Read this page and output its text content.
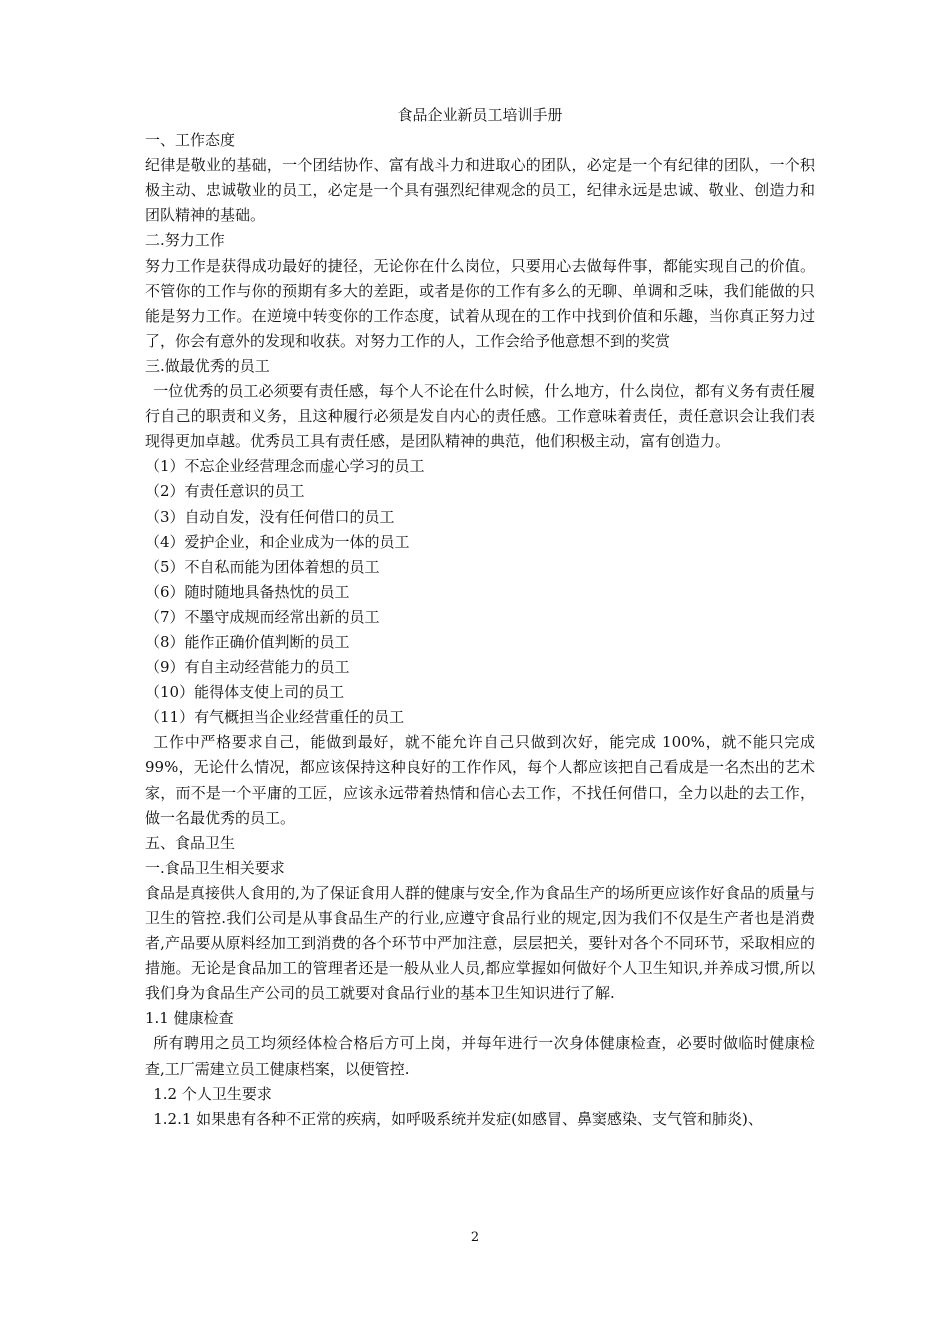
食品企业新员工培训手册

一、工作态度

纪律是敬业的基础，一个团结协作、富有战斗力和进取心的团队，必定是一个有纪律的团队，一个积极主动、忠诚敬业的员工，必定是一个具有强烈纪律观念的员工，纪律永远是忠诚、敬业、创造力和团队精神的基础。

二.努力工作

努力工作是获得成功最好的捷径，无论你在什么岗位，只要用心去做每件事，都能实现自己的价值。不管你的工作与你的预期有多大的差距，或者是你的工作有多么的无聊、单调和乏味，我们能做的只能是努力工作。在逆境中转变你的工作态度，试着从现在的工作中找到价值和乐趣，当你真正努力过了，你会有意外的发现和收获。对努力工作的人，工作会给予他意想不到的奖赏

三.做最优秀的员工

一位优秀的员工必须要有责任感，每个人不论在什么时候，什么地方，什么岗位，都有义务有责任履行自己的职责和义务，且这种履行必须是发自内心的责任感。工作意味着责任，责任意识会让我们表现得更加卓越。优秀员工具有责任感，是团队精神的典范，他们积极主动，富有创造力。

（1）不忘企业经营理念而虚心学习的员工

（2）有责任意识的员工

（3）自动自发，没有任何借口的员工

（4）爱护企业，和企业成为一体的员工

（5）不自私而能为团体着想的员工

（6）随时随地具备热忱的员工

（7）不墨守成规而经常出新的员工

（8）能作正确价值判断的员工

（9）有自主动经营能力的员工

（10）能得体支使上司的员工

（11）有气概担当企业经营重任的员工

工作中严格要求自己，能做到最好，就不能允许自己只做到次好，能完成 100%，就不能只完成 99%，无论什么情况，都应该保持这种良好的工作作风，每个人都应该把自己看成是一名杰出的艺术家，而不是一个平庸的工匠，应该永远带着热情和信心去工作，不找任何借口，全力以赴的去工作，做一名最优秀的员工。

五、食品卫生

一.食品卫生相关要求

食品是真接供人食用的,为了保证食用人群的健康与安全,作为食品生产的场所更应该作好食品的质量与卫生的管控.我们公司是从事食品生产的行业,应遵守食品行业的规定,因为我们不仅是生产者也是消费者,产品要从原料经加工到消费的各个环节中严加注意，层层把关，要针对各个不同环节，采取相应的措施。无论是食品加工的管理者还是一般从业人员,都应掌握如何做好个人卫生知识,并养成习惯,所以我们身为食品生产公司的员工就要对食品行业的基本卫生知识进行了解.

1.1 健康检查

所有聘用之员工均须经体检合格后方可上岗，并每年进行一次身体健康检查，必要时做临时健康检查,工厂需建立员工健康档案，以便管控.

1.2 个人卫生要求

1.2.1 如果患有各种不正常的疾病，如呼吸系统并发症(如感冒、鼻窦感染、支气管和肺炎)、

2
